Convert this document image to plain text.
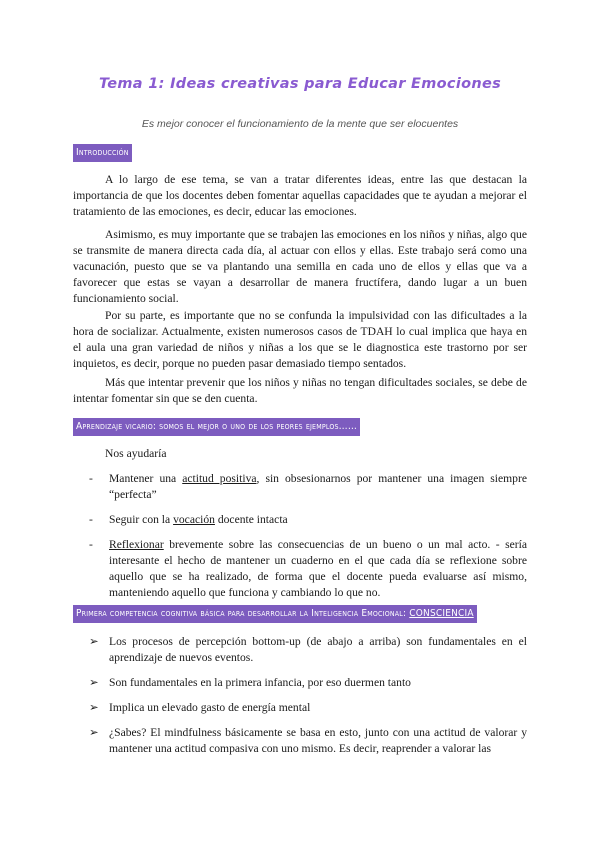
Tema 1: Ideas creativas para Educar Emociones
Es mejor conocer el funcionamiento de la mente que ser elocuentes
Introducción
A lo largo de ese tema, se van a tratar diferentes ideas, entre las que destacan la importancia de que los docentes deben fomentar aquellas capacidades que te ayudan a mejorar el tratamiento de las emociones, es decir, educar las emociones.
Asimismo, es muy importante que se trabajen las emociones en los niños y niñas, algo que se transmite de manera directa cada día, al actuar con ellos y ellas. Este trabajo será como una vacunación, puesto que se va plantando una semilla en cada uno de ellos y ellas que va a favorecer que estas se vayan a desarrollar de manera fructífera, dando lugar a un buen funcionamiento social.
Por su parte, es importante que no se confunda la impulsividad con las dificultades a la hora de socializar. Actualmente, existen numerosos casos de TDAH lo cual implica que haya en el aula una gran variedad de niños y niñas a los que se le diagnostica este trastorno por ser inquietos, es decir, porque no pueden pasar demasiado tiempo sentados.
Más que intentar prevenir que los niños y niñas no tengan dificultades sociales, se debe de intentar fomentar sin que se den cuenta.
Aprendizaje vicario: somos el mejor o uno de los peores ejemplos……
Nos ayudaría
- Mantener una actitud positiva, sin obsesionarnos por mantener una imagen siempre “perfecta”
- Seguir con la vocación docente intacta
- Reflexionar brevemente sobre las consecuencias de un bueno o un mal acto. - sería interesante el hecho de mantener un cuaderno en el que cada día se reflexione sobre aquello que se ha realizado, de forma que el docente pueda evaluarse así mismo, manteniendo aquello que funciona y cambiando lo que no.
Primera competencia cognitiva básica para desarrollar la Inteligencia Emocional: CONSCIENCIA
➢ Los procesos de percepción bottom-up (de abajo a arriba) son fundamentales en el aprendizaje de nuevos eventos.
➢ Son fundamentales en la primera infancia, por eso duermen tanto
➢ Implica un elevado gasto de energía mental
➢ ¿Sabes? El mindfulness básicamente se basa en esto, junto con una actitud de valorar y mantener una actitud compasiva con uno mismo. Es decir, reaprender a valorar las
